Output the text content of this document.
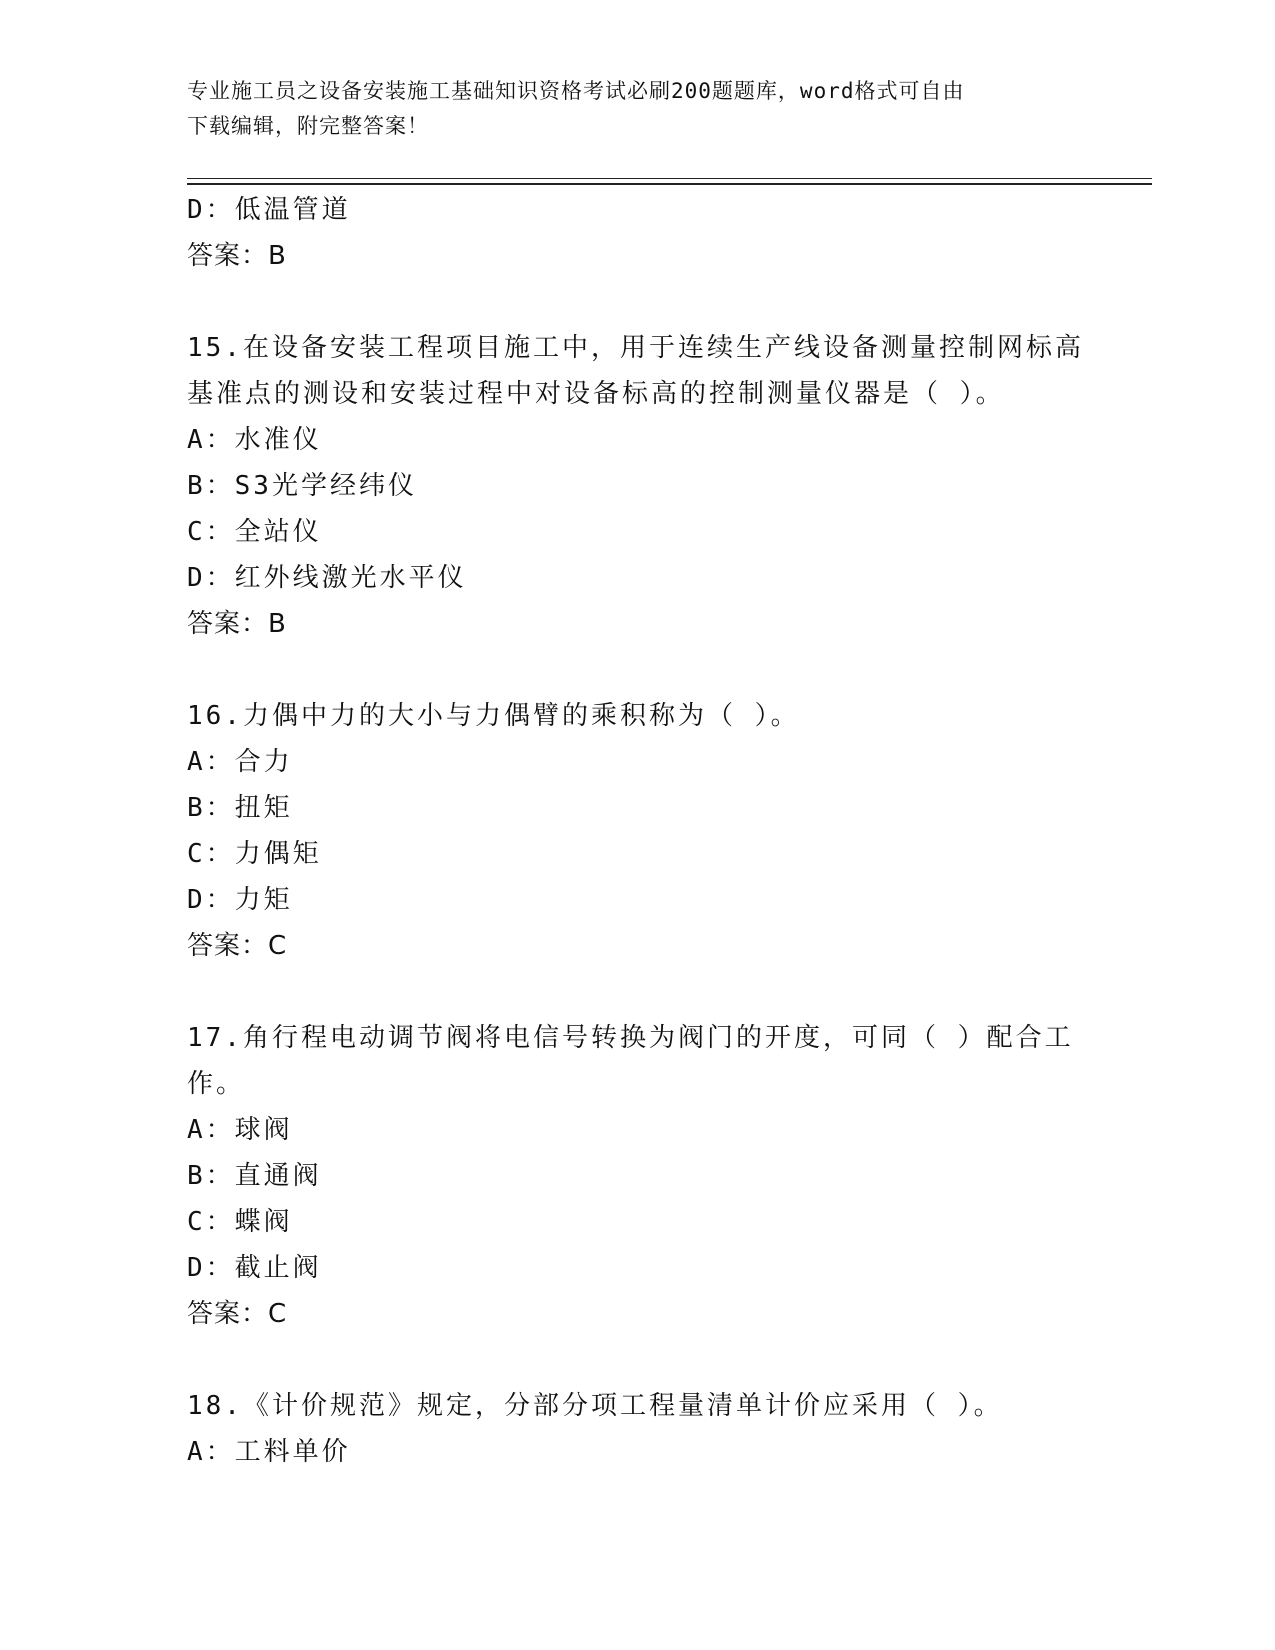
专业施工员之设备安装施工基础知识资格考试必刷200题题库，word格式可自由
下载编辑，附完整答案！
D：低温管道
答案：B
15.在设备安装工程项目施工中，用于连续生产线设备测量控制网标高
基准点的测设和安装过程中对设备标高的控制测量仪器是（ ）。
A：水准仪
B：S3光学经纬仪
C：全站仪
D：红外线激光水平仪
答案：B
16.力偶中力的大小与力偶臂的乘积称为（ ）。
A：合力
B：扭矩
C：力偶矩
D：力矩
答案：C
17.角行程电动调节阀将电信号转换为阀门的开度，可同（ ）配合工
作。
A：球阀
B：直通阀
C：蝶阀
D：截止阀
答案：C
18.《计价规范》规定，分部分项工程量清单计价应采用（ ）。
A：工料单价
